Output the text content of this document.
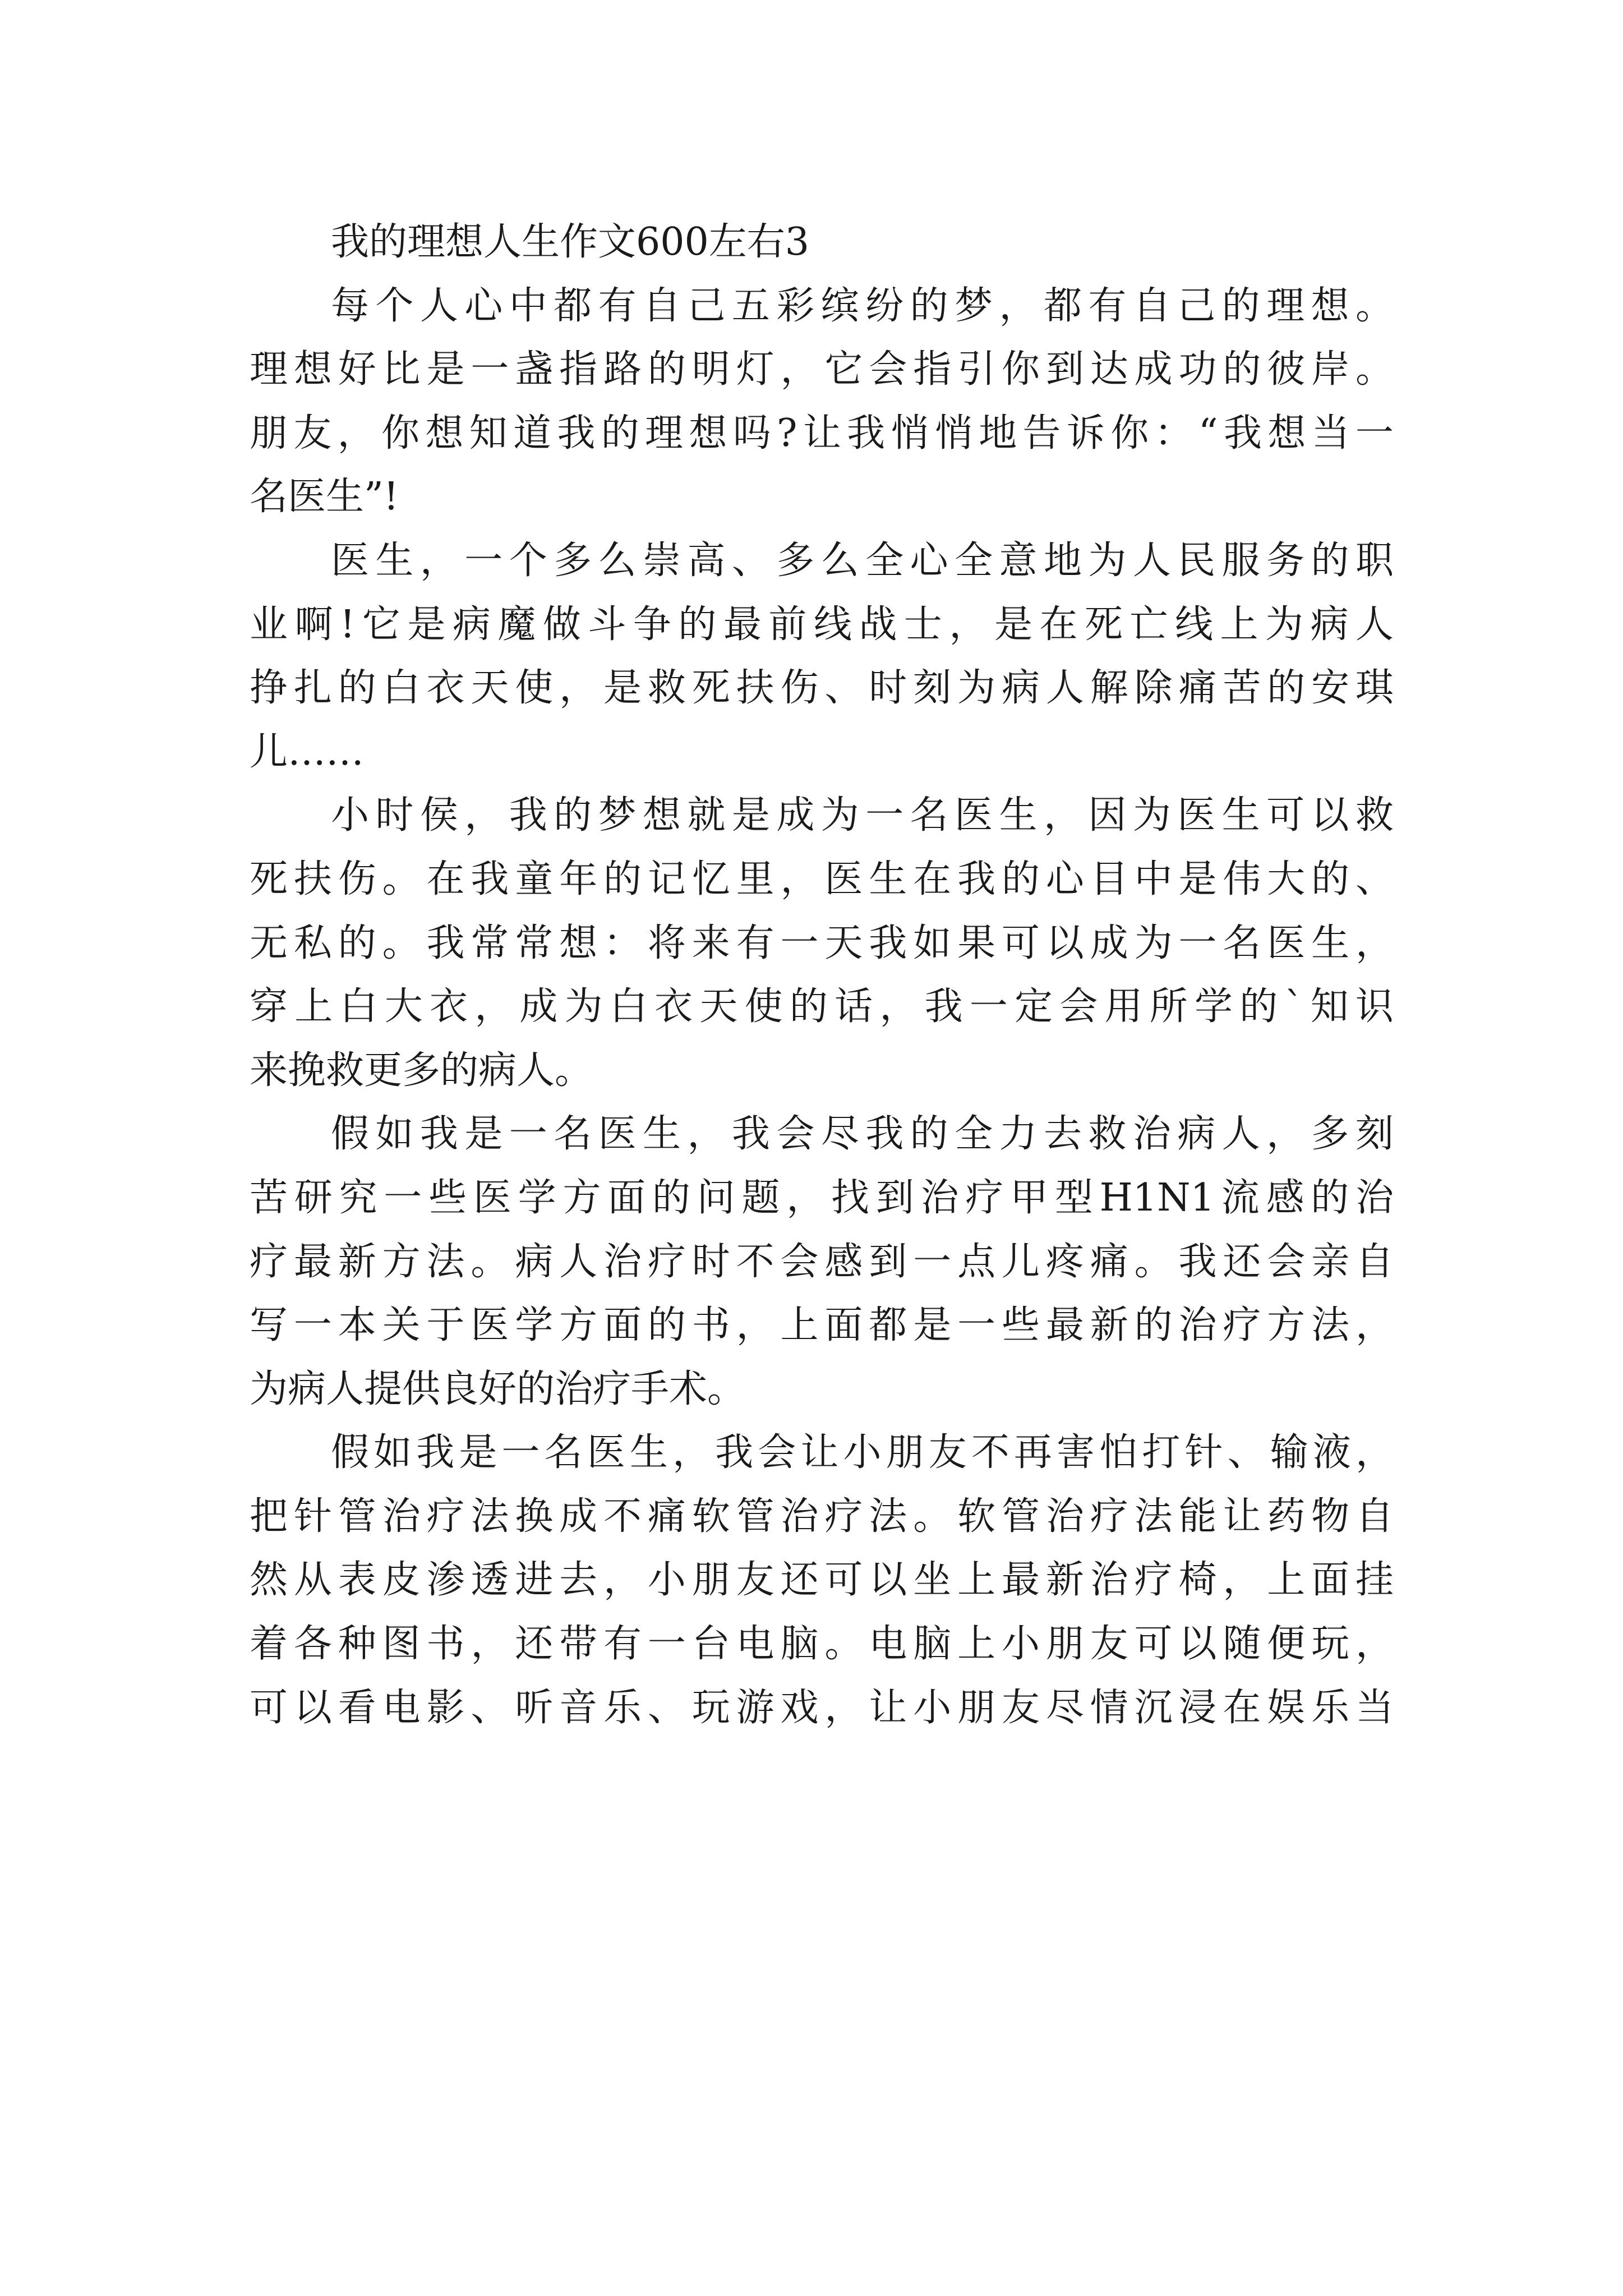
我的理想人生作文600左右3
每个人心中都有自己五彩缤纷的梦，都有自己的理想。
理想好比是一盏指路的明灯，它会指引你到达成功的彼岸。
朋友，你想知道我的理想吗?让我悄悄地告诉你：“我想当一
名医生”!
医生，一个多么崇高、多么全心全意地为人民服务的职
业啊!它是病魔做斗争的最前线战士，是在死亡线上为病人
挣扎的白衣天使，是救死扶伤、时刻为病人解除痛苦的安琪
儿……
小时侯，我的梦想就是成为一名医生，因为医生可以救
死扶伤。在我童年的记忆里，医生在我的心目中是伟大的、
无私的。我常常想：将来有一天我如果可以成为一名医生，
穿上白大衣，成为白衣天使的话，我一定会用所学的`知识
来挽救更多的病人。
假如我是一名医生，我会尽我的全力去救治病人，多刻
苦研究一些医学方面的问题，找到治疗甲型H1N1流感的治
疗最新方法。病人治疗时不会感到一点儿疼痛。我还会亲自
写一本关于医学方面的书，上面都是一些最新的治疗方法，
为病人提供良好的治疗手术。
假如我是一名医生，我会让小朋友不再害怕打针、输液，
把针管治疗法换成不痛软管治疗法。软管治疗法能让药物自
然从表皮渗透进去，小朋友还可以坐上最新治疗椅，上面挂
着各种图书，还带有一台电脑。电脑上小朋友可以随便玩，
可以看电影、听音乐、玩游戏，让小朋友尽情沉浸在娱乐当
